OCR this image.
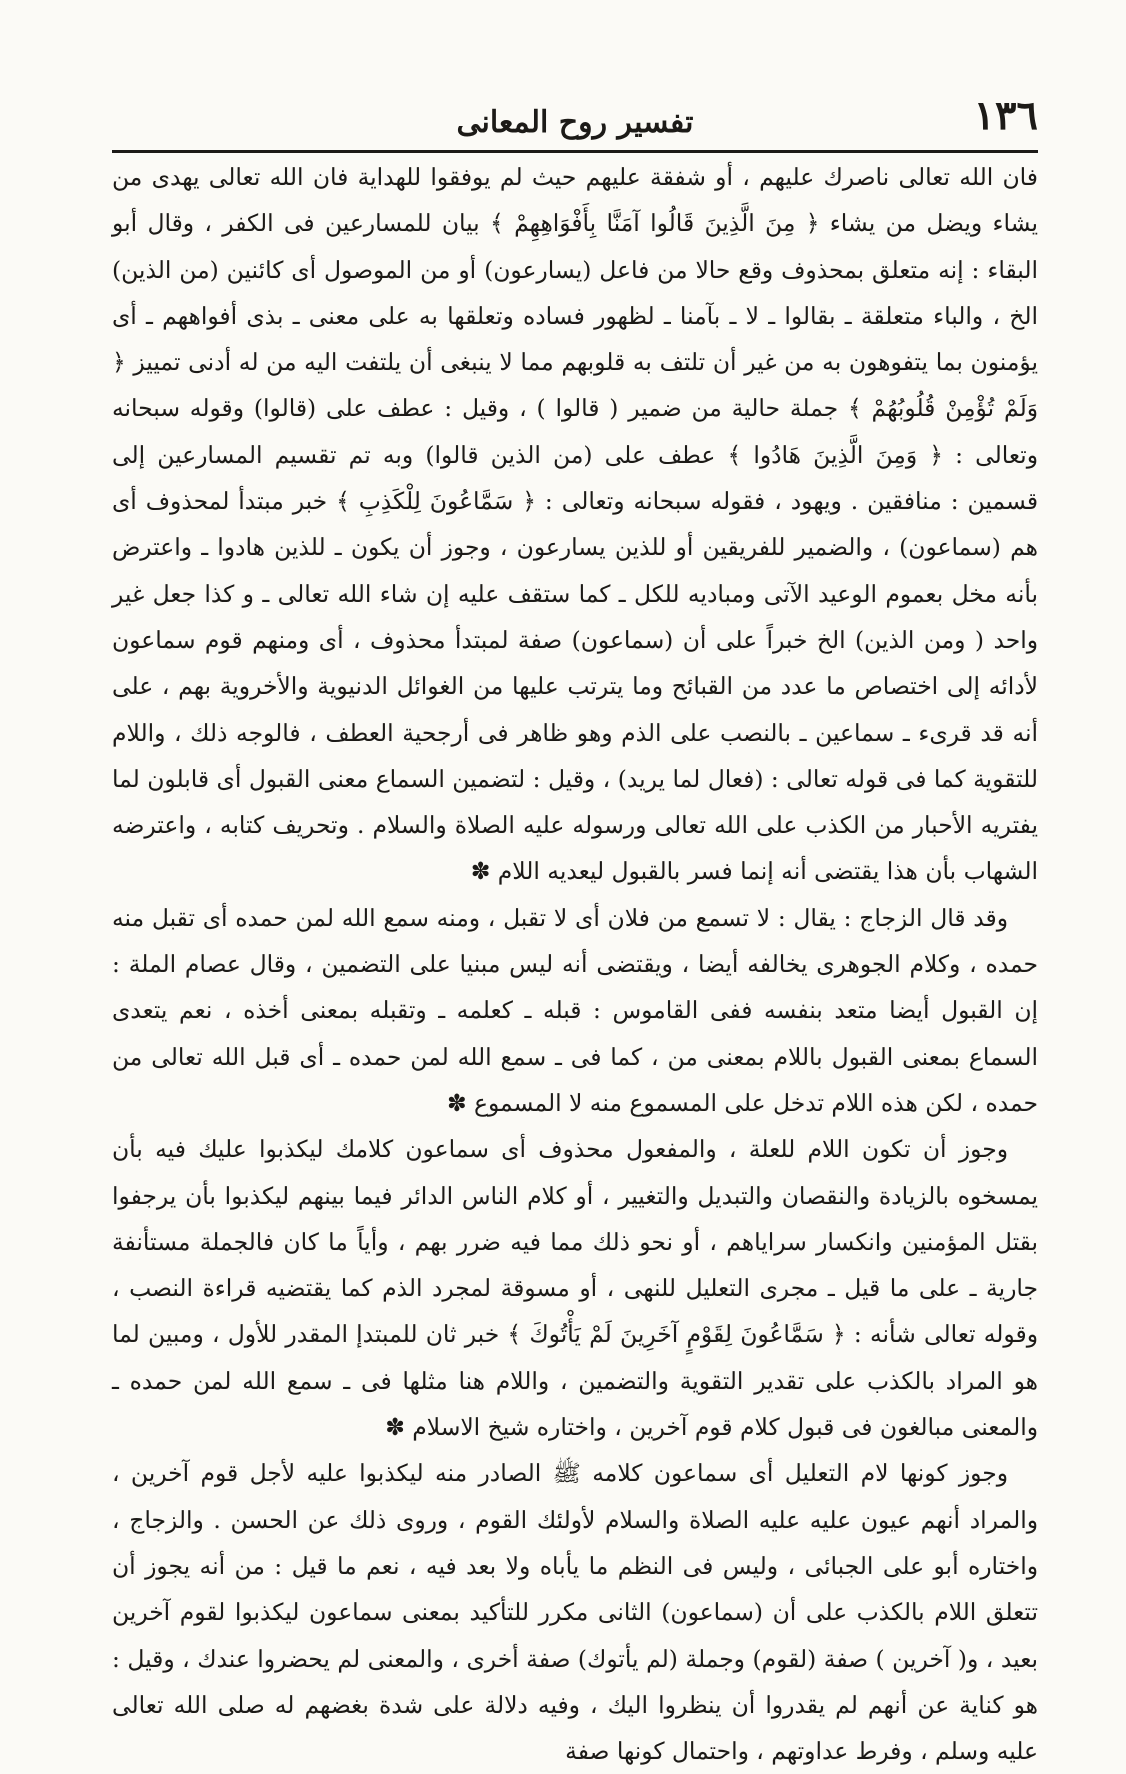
١٣٦
تفسير روح المعانى

فان الله تعالى ناصرك عليهم ، أو شفقة عليهم حيث لم يوفقوا للهداية فان الله تعالى يهدى من يشاء ويضل من يشاء ﴿ مِنَ الَّذِينَ قَالُوا آمَنَّا بِأَفْوَاهِهِمْ ﴾ بيان للمسارعين فى الكفر ، وقال أبو البقاء : إنه متعلق بمحذوف وقع حالا من فاعل (يسارعون) أو من الموصول أى كائنين (من الذين) الخ ، والباء متعلقة ـ بقالوا ـ لا ـ بآمنا ـ لظهور فساده وتعلقها به على معنى ـ بذى أفواههم ـ أى يؤمنون بما يتفوهون به من غير أن تلتف به قلوبهم مما لا ينبغى أن يلتفت اليه من له أدنى تمييز ﴿ وَلَمْ تُؤْمِنْ قُلُوبُهُمْ ﴾ جملة حالية من ضمير ( قالوا ) ، وقيل : عطف على (قالوا) وقوله سبحانه وتعالى : ﴿ وَمِنَ الَّذِينَ هَادُوا ﴾ عطف على (من الذين قالوا) وبه تم تقسيم المسارعين إلى قسمين : منافقين . ويهود ، فقوله سبحانه وتعالى : ﴿ سَمَّاعُونَ لِلْكَذِبِ ﴾ خبر مبتدأ لمحذوف أى هم (سماعون) ، والضمير للفريقين أو للذين يسارعون ، وجوز أن يكون ـ للذين هادوا ـ واعترض بأنه مخل بعموم الوعيد الآتى ومباديه للكل ـ كما ستقف عليه إن شاء الله تعالى ـ و كذا جعل غير واحد ( ومن الذين) الخ خبراً على أن (سماعون) صفة لمبتدأ محذوف ، أى ومنهم قوم سماعون لأدائه إلى اختصاص ما عدد من القبائح وما يترتب عليها من الغوائل الدنيوية والأخروية بهم ، على أنه قد قرىء ـ سماعين ـ بالنصب على الذم وهو ظاهر فى أرجحية العطف ، فالوجه ذلك ، واللام للتقوية كما فى قوله تعالى : (فعال لما يريد) ، وقيل : لتضمين السماع معنى القبول أى قابلون لما يفتريه الأحبار من الكذب على الله تعالى ورسوله عليه الصلاة والسلام . وتحريف كتابه ، واعترضه الشهاب بأن هذا يقتضى أنه إنما فسر بالقبول ليعديه اللام ✽

وقد قال الزجاج : يقال : لا تسمع من فلان أى لا تقبل ، ومنه سمع الله لمن حمده أى تقبل منه حمده ، وكلام الجوهرى يخالفه أيضا ، ويقتضى أنه ليس مبنيا على التضمين ، وقال عصام الملة : إن القبول أيضا متعد بنفسه ففى القاموس : قبله ـ كعلمه ـ وتقبله بمعنى أخذه ، نعم يتعدى السماع بمعنى القبول باللام بمعنى من ، كما فى ـ سمع الله لمن حمده ـ أى قبل الله تعالى من حمده ، لكن هذه اللام تدخل على المسموع منه لا المسموع ✽

وجوز أن تكون اللام للعلة ، والمفعول محذوف أى سماعون كلامك ليكذبوا عليك فيه بأن يمسخوه بالزيادة والنقصان والتبديل والتغيير ، أو كلام الناس الدائر فيما بينهم ليكذبوا بأن يرجفوا بقتل المؤمنين وانكسار سراياهم ، أو نحو ذلك مما فيه ضرر بهم ، وأياً ما كان فالجملة مستأنفة جارية ـ على ما قيل ـ مجرى التعليل للنهى ، أو مسوقة لمجرد الذم كما يقتضيه قراءة النصب ، وقوله تعالى شأنه : ﴿ سَمَّاعُونَ لِقَوْمٍ آخَرِينَ لَمْ يَأْتُوكَ ﴾ خبر ثان للمبتدإ المقدر للأول ، ومبين لما هو المراد بالكذب على تقدير التقوية والتضمين ، واللام هنا مثلها فى ـ سمع الله لمن حمده ـ والمعنى مبالغون فى قبول كلام قوم آخرين ، واختاره شيخ الاسلام ✽

وجوز كونها لام التعليل أى سماعون كلامه ﷺ الصادر منه ليكذبوا عليه لأجل قوم آخرين ، والمراد أنهم عيون عليه عليه الصلاة والسلام لأولئك القوم ، وروى ذلك عن الحسن . والزجاج ، واختاره أبو على الجبائى ، وليس فى النظم ما يأباه ولا بعد فيه ، نعم ما قيل : من أنه يجوز أن تتعلق اللام بالكذب على أن (سماعون) الثانى مكرر للتأكيد بمعنى سماعون ليكذبوا لقوم آخرين بعيد ، و( آخرين ) صفة (لقوم) وجملة (لم يأتوك) صفة أخرى ، والمعنى لم يحضروا عندك ، وقيل : هو كناية عن أنهم لم يقدروا أن ينظروا اليك ، وفيه دلالة على شدة بغضهم له صلى الله تعالى عليه وسلم ، وفرط عداوتهم ، واحتمال كونها صفة
